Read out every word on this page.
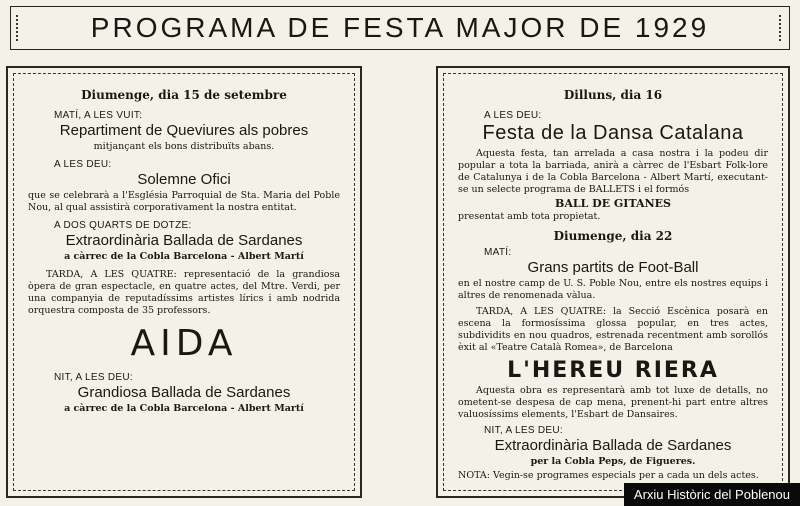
PROGRAMA DE FESTA MAJOR DE 1929
Diumenge, dia 15 de setembre
MATÍ, A LES VUIT:
Repartiment de Queviures als pobres
mitjançant els bons distribuïts abans.
A LES DEU:
Solemne Ofici
que se celebrarà a l'Església Parroquial de Sta. Maria del Poble Nou, al qual assistirà corporativament la nostra entitat.
A DOS QUARTS DE DOTZE:
Extraordinària Ballada de Sardanes
a càrrec de la Cobla Barcelona - Albert Martí
TARDA, A LES QUATRE: representació de la grandiosa òpera de gran espectacle, en quatre actes, del Mtre. Verdi, per una companyia de reputadíssims artistes lírics i amb nodrida orquestra composta de 35 professors.
AIDA
NIT, A LES DEU:
Grandiosa Ballada de Sardanes
a càrrec de la Cobla Barcelona - Albert Martí
Dilluns, dia 16
A LES DEU:
Festa de la Dansa Catalana
Aquesta festa, tan arrelada a casa nostra i la podeu dir popular a tota la barriada, anirà a càrrec de l'Esbart Folk-lore de Catalunya i de la Cobla Barcelona - Albert Martí, executant-se un selecte programa de BALLETS i el formós
BALL DE GITANES
presentat amb tota propietat.
Diumenge, dia 22
MATÍ:
Grans partits de Foot-Ball
en el nostre camp de U. S. Poble Nou, entre els nostres equips i altres de renomenada vàlua.
TARDA, A LES QUATRE: la Secció Escènica posarà en escena la formosíssima glossa popular, en tres actes, subdividits en nou quadros, estrenada recentment amb sorollós èxit al «Teatre Català Romea», de Barcelona
L'HEREU RIERA
Aquesta obra es representarà amb tot luxe de detalls, no ometent-se despesa de cap mena, prenent-hi part entre altres valuosíssims elements, l'Esbart de Dansaires.
NIT, A LES DEU:
Extraordinària Ballada de Sardanes
per la Cobla Peps, de Figueres.
NOTA: Vegin-se programes especials per a cada un dels actes.
Arxiu Històric del Poblenou
